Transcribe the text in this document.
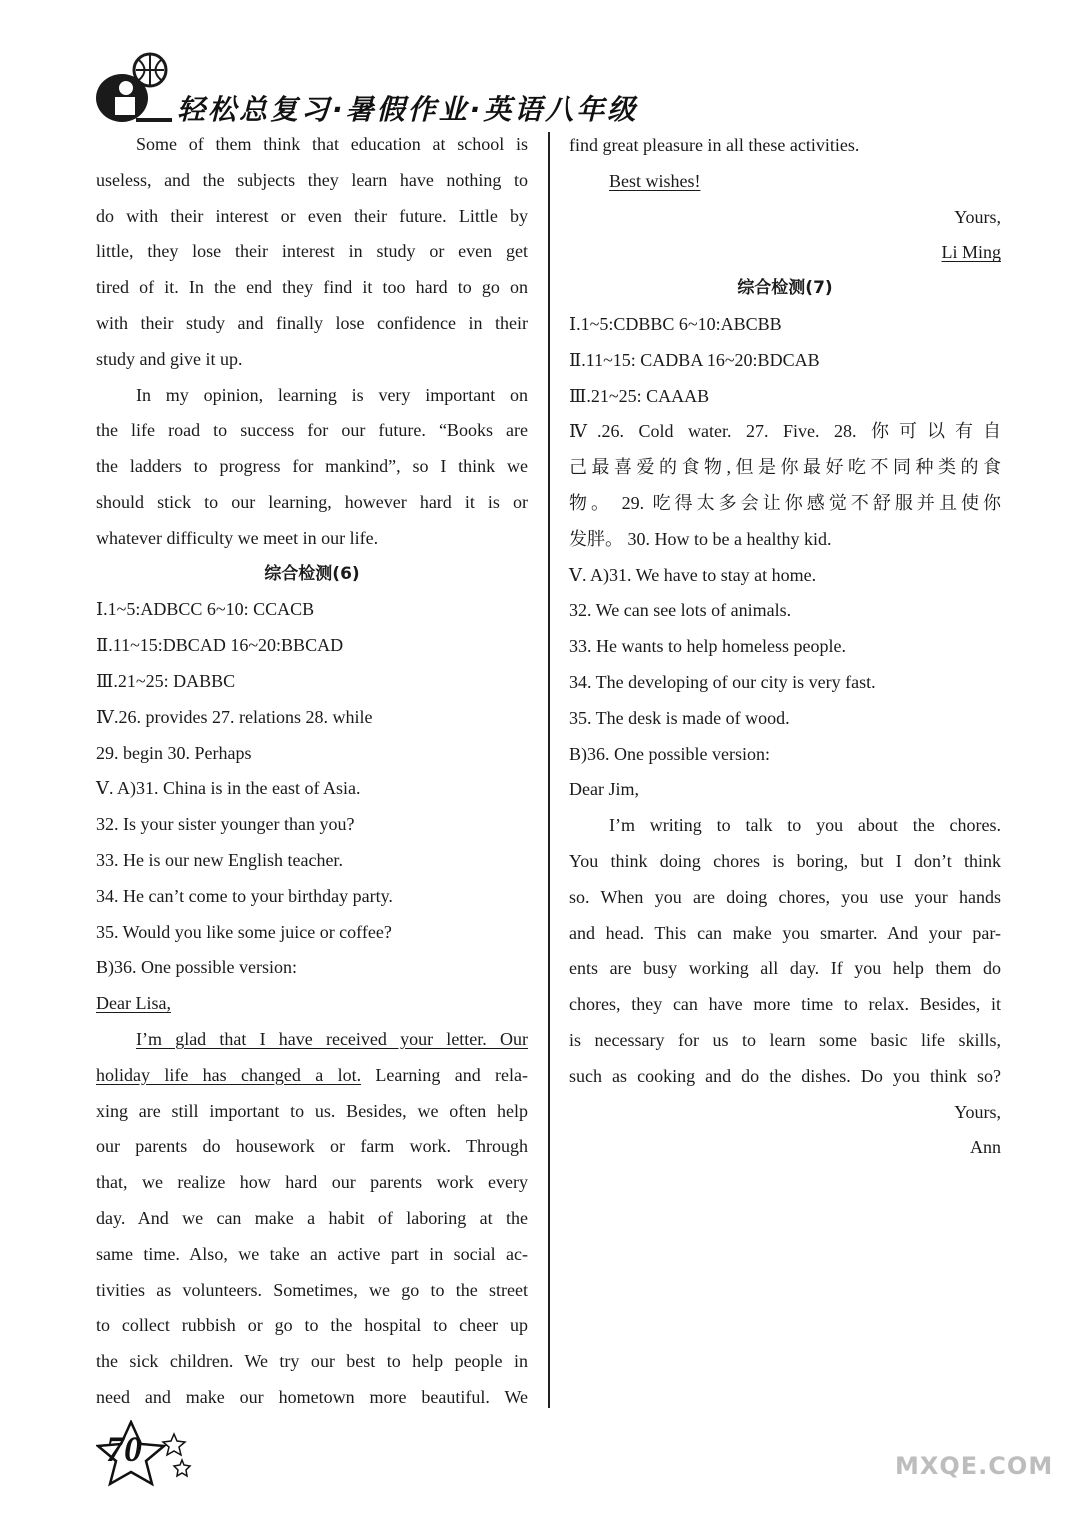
轻松总复习·暑假作业·英语八年级
Some of them think that education at school is
useless, and the subjects they learn have nothing to
do with their interest or even their future. Little by
little, they lose their interest in study or even get
tired of it. In the end they find it too hard to go on
with their study and finally lose confidence in their
study and give it up.
In my opinion, learning is very important on
the life road to success for our future. “Books are
the ladders to progress for mankind”, so I think we
should stick to our learning, however hard it is or
whatever difficulty we meet in our life.
综合检测(6)
Ⅰ.1~5:ADBCC 6~10: CCACB
Ⅱ.11~15:DBCAD 16~20:BBCAD
Ⅲ.21~25: DABBC
Ⅳ.26. provides 27. relations 28. while
29. begin 30. Perhaps
Ⅴ. A)31. China is in the east of Asia.
32. Is your sister younger than you?
33. He is our new English teacher.
34. He can’t come to your birthday party.
35. Would you like some juice or coffee?
B)36. One possible version:
Dear Lisa,
I’m glad that I have received your letter. Our
holiday life has changed a lot. Learning and rela-
xing are still important to us. Besides, we often help
our parents do housework or farm work. Through
that, we realize how hard our parents work every
day. And we can make a habit of laboring at the
same time. Also, we take an active part in social ac-
tivities as volunteers. Sometimes, we go to the street
to collect rubbish or go to the hospital to cheer up
the sick children. We try our best to help people in
need and make our hometown more beautiful. We
find great pleasure in all these activities.
Best wishes!
Yours,
Li Ming
综合检测(7)
Ⅰ.1~5:CDBBC 6~10:ABCBB
Ⅱ.11~15: CADBA 16~20:BDCAB
Ⅲ.21~25: CAAAB
Ⅳ.26. Cold water. 27. Five. 28. 你可以有自
己最喜爱的食物,但是你最好吃不同种类的食
物。 29. 吃得太多会让你感觉不舒服并且使你
发胖。 30. How to be a healthy kid.
Ⅴ. A)31. We have to stay at home.
32. We can see lots of animals.
33. He wants to help homeless people.
34. The developing of our city is very fast.
35. The desk is made of wood.
B)36. One possible version:
Dear Jim,
I’m writing to talk to you about the chores.
You think doing chores is boring, but I don’t think
so. When you are doing chores, you use your hands
and head. This can make you smarter. And your par-
ents are busy working all day. If you help them do
chores, they can have more time to relax. Besides, it
is necessary for us to learn some basic life skills,
such as cooking and do the dishes. Do you think so?
Yours,
Ann
70	MXQE.COM
